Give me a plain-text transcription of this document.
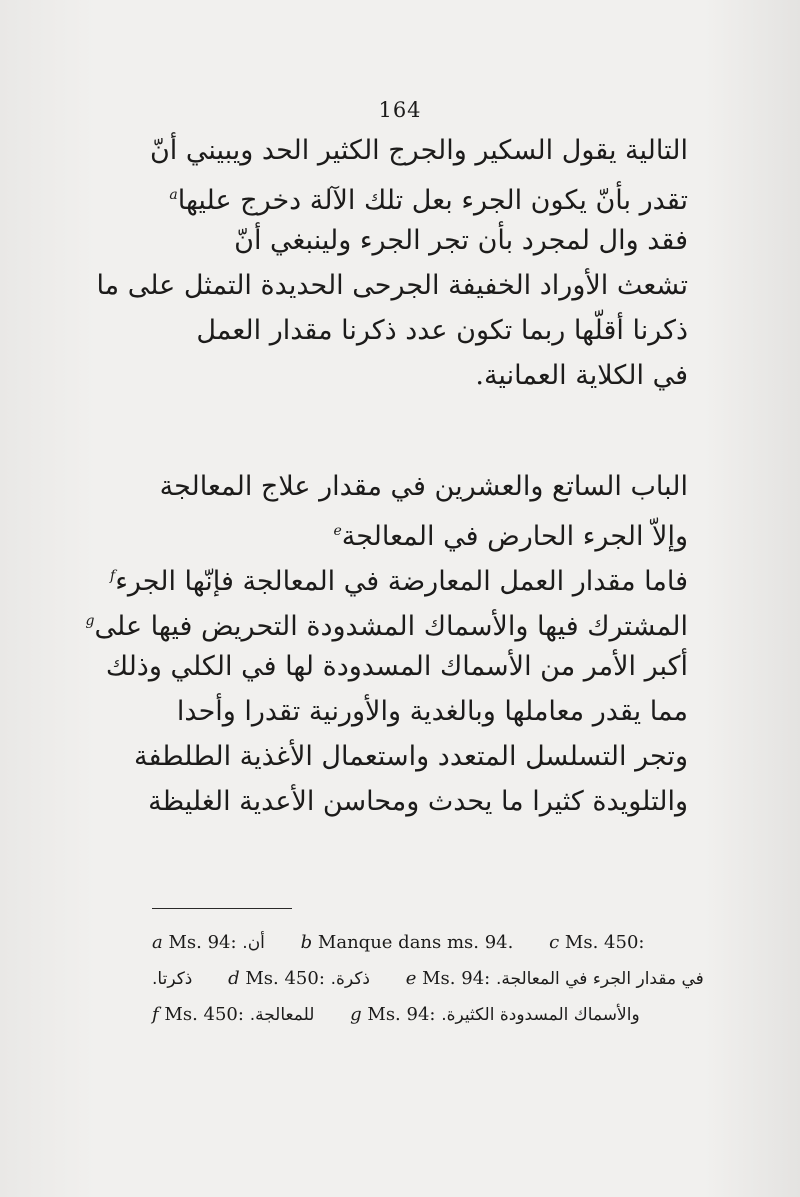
164
التالية يقول السكير والجرج الكثير الحد ويبيني أنّ
تقدر بأنّ يكون الجرء بعل تلك الآلة دخرج عليها$^a$
فقد وال لمجرد بأن تجر الجرء ولينبغي أنّ
تشعث الأوراد الخفيفة الجرحى الحديدة التمثل على ما
ذكرنا أقلّها ربما تكون عدد ذكرنا مقدار العمل
في الكلاية العمانية.
الباب الساتع والعشرين في مقدار علاج المعالجة
وإلاّ الجرء الحارض في المعالجة$^e$
فاما مقدار العمل المعارضة في المعالجة فإنّها الجرء$^f$
المشترك فيها والأسماك المشدودة التحريض فيها على$^g$
أكبر الأمر من الأسماك المسدودة لها في الكلي وذلك
مما يقدر معاملها وبالغدية والأورنية تقدرا وأحدا
وتجر التسلسل المتعدد واستعمال الأغذية الطلطفة
والتلويدة كثيرا ما يحدث ومحاسن الأعدية الغليظة
a Ms. 94: أن. b Manque dans ms. 94. c Ms. 450:
ذكرتا. d Ms. 450: ذكرة. e Ms. 94: في مقدار الجرء في المعالجة.
f Ms. 450: للمعالجة. g Ms. 94: والأسماك المسدودة الكثيرة.
